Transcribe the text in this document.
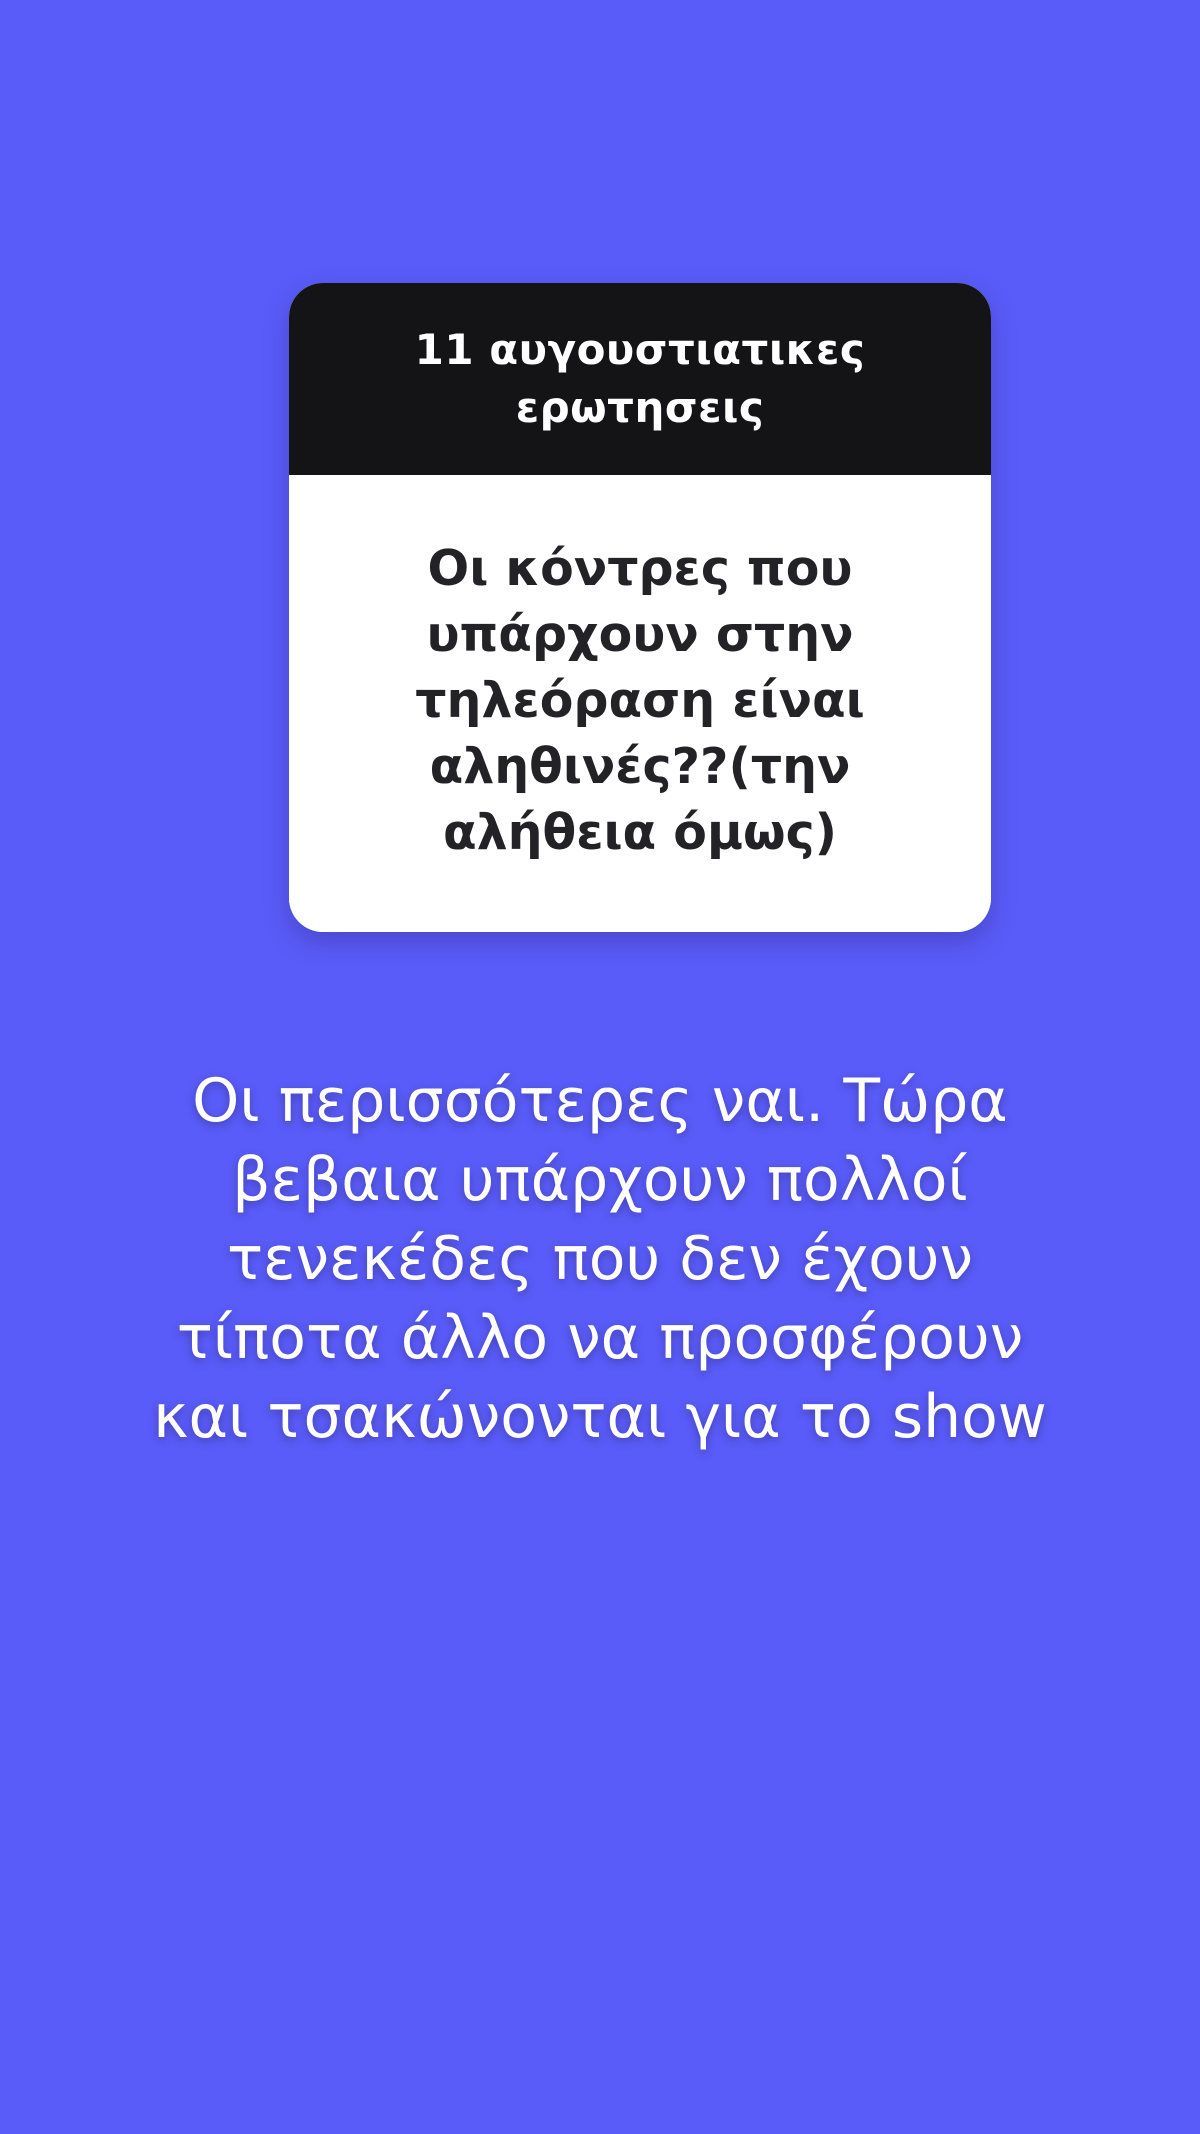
11 αυγουστιατικες
ερωτησεις
Οι κόντρες που
υπάρχουν στην
τηλεόραση είναι
αληθινές??(την
αλήθεια όμως)
Οι περισσότερες ναι. Τώρα
βεβαια υπάρχουν πολλοί
τενεκέδες που δεν έχουν
τίποτα άλλο να προσφέρουν
και τσακώνονται για το show
